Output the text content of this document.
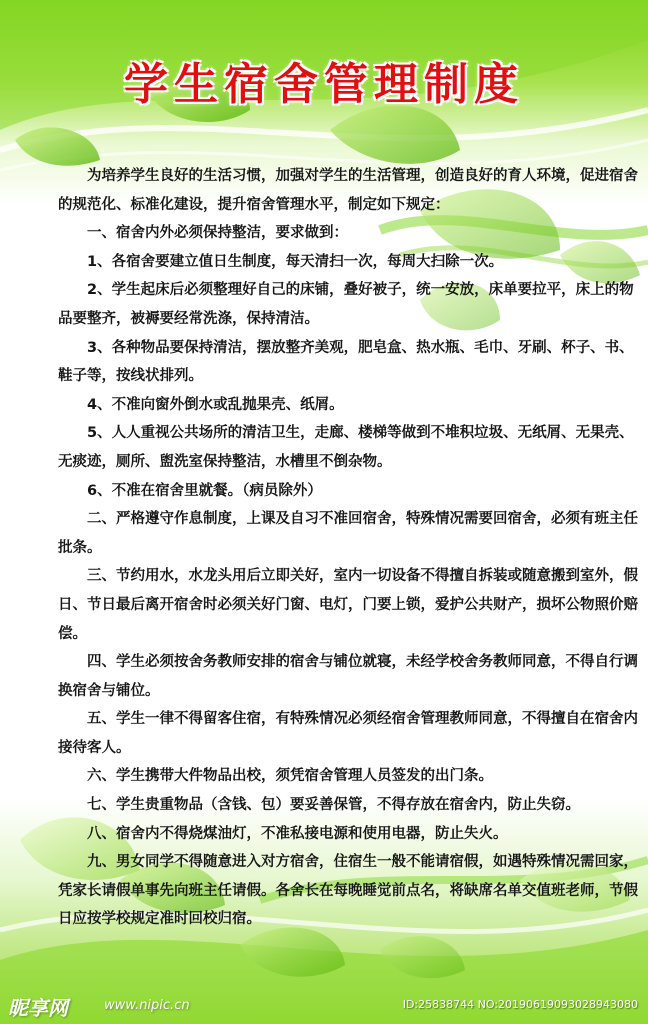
学生宿舍管理制度

为培养学生良好的生活习惯，加强对学生的生活管理，创造良好的育人环境，促进宿舍的规范化、标准化建设，提升宿舍管理水平，制定如下规定：

一、宿舍内外必须保持整洁，要求做到：

1、各宿舍要建立值日生制度，每天清扫一次，每周大扫除一次。

2、学生起床后必须整理好自己的床铺，叠好被子，统一安放，床单要拉平，床上的物品要整齐，被褥要经常洗涤，保持清洁。

3、各种物品要保持清洁，摆放整齐美观，肥皂盒、热水瓶、毛巾、牙刷、杯子、书、鞋子等，按线状排列。

4、不准向窗外倒水或乱抛果壳、纸屑。

5、人人重视公共场所的清洁卫生，走廊、楼梯等做到不堆积垃圾、无纸屑、无果壳、无痰迹，厕所、盥洗室保持整洁，水槽里不倒杂物。

6、不准在宿舍里就餐。（病员除外）

二、严格遵守作息制度，上课及自习不准回宿舍，特殊情况需要回宿舍，必须有班主任批条。

三、节约用水，水龙头用后立即关好，室内一切设备不得擅自拆装或随意搬到室外，假日、节日最后离开宿舍时必须关好门窗、电灯，门要上锁，爱护公共财产，损坏公物照价赔偿。

四、学生必须按舍务教师安排的宿舍与铺位就寝，未经学校舍务教师同意，不得自行调换宿舍与铺位。

五、学生一律不得留客住宿，有特殊情况必须经宿舍管理教师同意，不得擅自在宿舍内接待客人。

六、学生携带大件物品出校，须凭宿舍管理人员签发的出门条。

七、学生贵重物品（含钱、包）要妥善保管，不得存放在宿舍内，防止失窃。

八、宿舍内不得烧煤油灯，不准私接电源和使用电器，防止失火。

九、男女同学不得随意进入对方宿舍，住宿生一般不能请宿假，如遇特殊情况需回家，凭家长请假单事先向班主任请假。各舍长在每晚睡觉前点名，将缺席名单交值班老师，节假日应按学校规定准时回校归宿。

昵享网	www.nipic.cn	ID:25838744 NO:20190619093028943080
